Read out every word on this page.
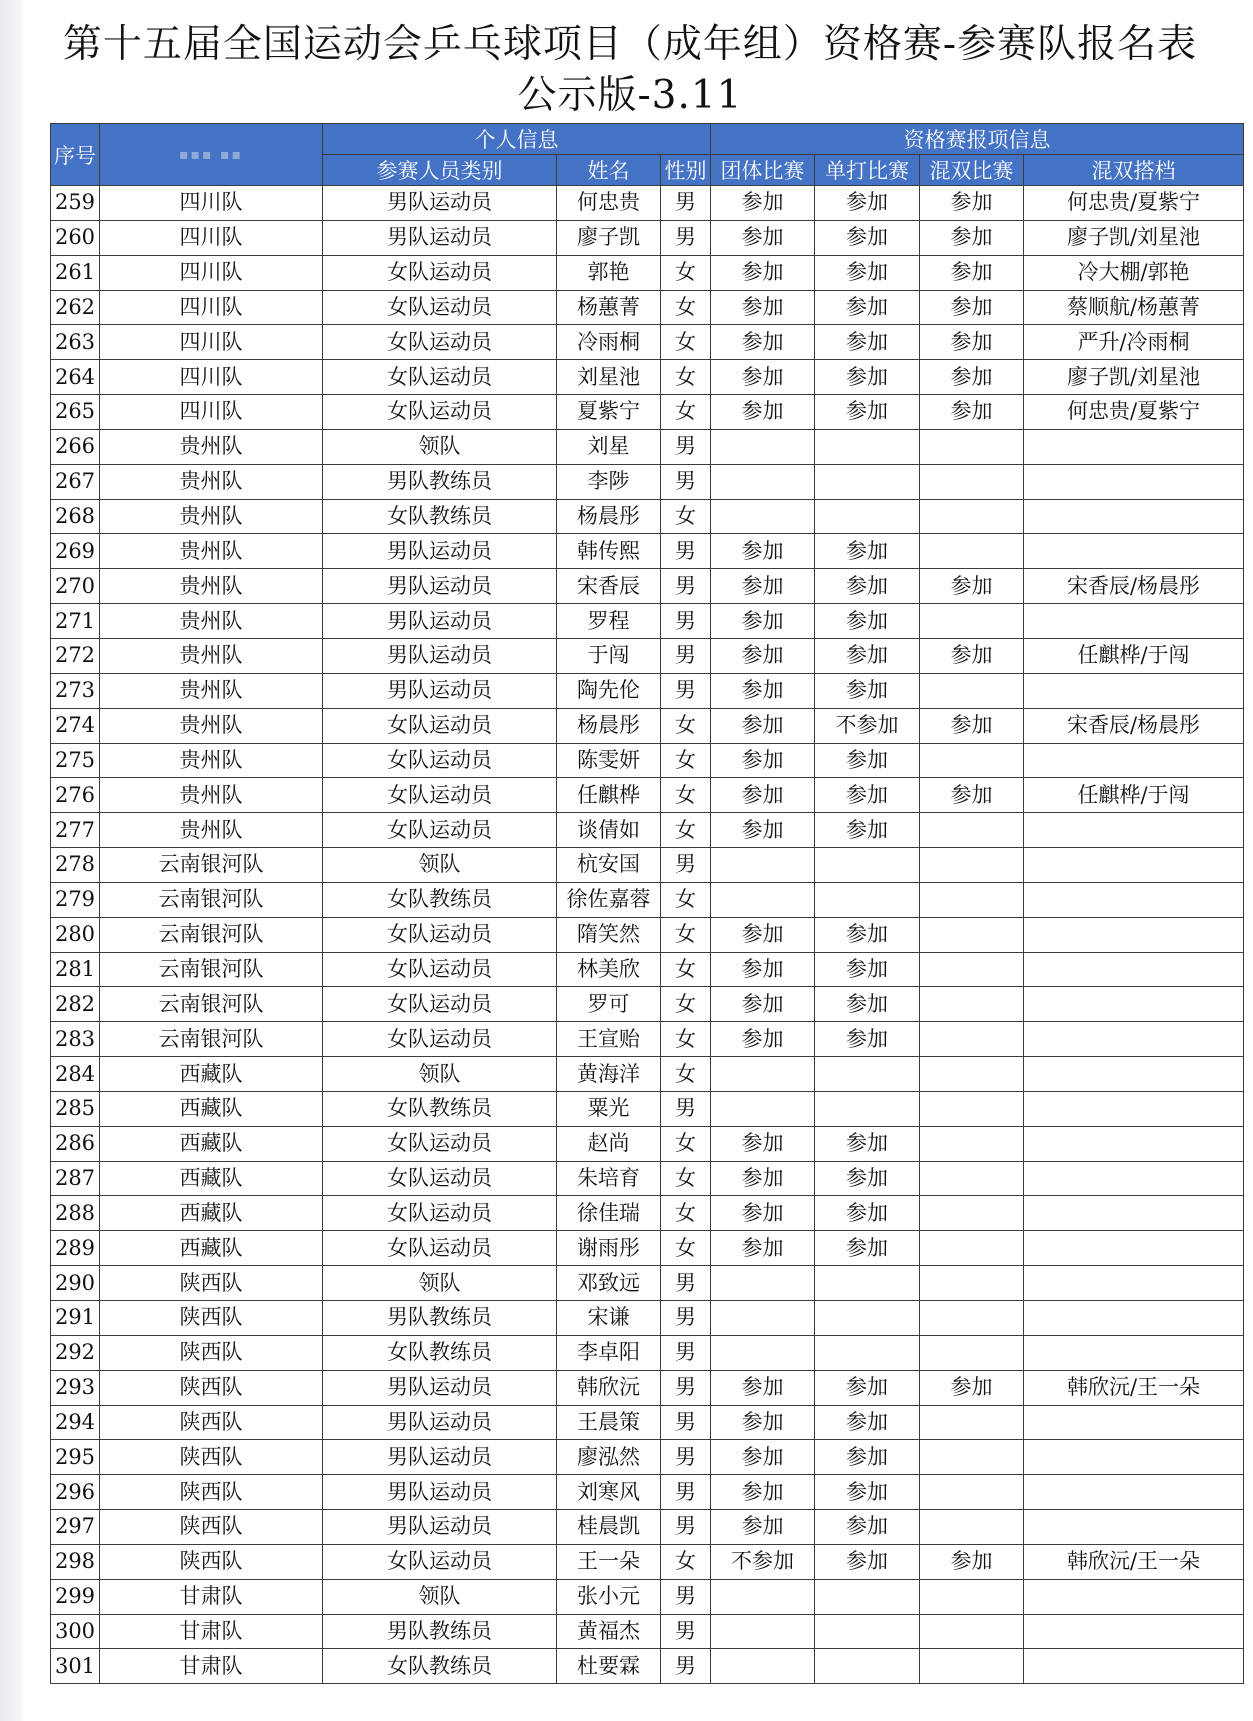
第十五届全国运动会乒乓球项目（成年组）资格赛-参赛队报名表
公示版-3.11
序号	▪▪▪ ▪▪	个人信息			资格赛报项信息			
		参赛人员类别	姓名	性别	团体比赛	单打比赛	混双比赛	混双搭档
259	四川队	男队运动员	何忠贵	男	参加	参加	参加	何忠贵/夏紫宁
260	四川队	男队运动员	廖子凯	男	参加	参加	参加	廖子凯/刘星池
261	四川队	女队运动员	郭艳	女	参加	参加	参加	冷大棚/郭艳
262	四川队	女队运动员	杨蕙菁	女	参加	参加	参加	蔡顺航/杨蕙菁
263	四川队	女队运动员	冷雨桐	女	参加	参加	参加	严升/冷雨桐
264	四川队	女队运动员	刘星池	女	参加	参加	参加	廖子凯/刘星池
265	四川队	女队运动员	夏紫宁	女	参加	参加	参加	何忠贵/夏紫宁
266	贵州队	领队	刘星	男				
267	贵州队	男队教练员	李陟	男				
268	贵州队	女队教练员	杨晨彤	女				
269	贵州队	男队运动员	韩传熙	男	参加	参加		
270	贵州队	男队运动员	宋香辰	男	参加	参加	参加	宋香辰/杨晨彤
271	贵州队	男队运动员	罗程	男	参加	参加		
272	贵州队	男队运动员	于闯	男	参加	参加	参加	任麒桦/于闯
273	贵州队	男队运动员	陶先伦	男	参加	参加		
274	贵州队	女队运动员	杨晨彤	女	参加	不参加	参加	宋香辰/杨晨彤
275	贵州队	女队运动员	陈雯妍	女	参加	参加		
276	贵州队	女队运动员	任麒桦	女	参加	参加	参加	任麒桦/于闯
277	贵州队	女队运动员	谈倩如	女	参加	参加		
278	云南银河队	领队	杭安国	男				
279	云南银河队	女队教练员	徐佐嘉蓉	女				
280	云南银河队	女队运动员	隋笑然	女	参加	参加		
281	云南银河队	女队运动员	林美欣	女	参加	参加		
282	云南银河队	女队运动员	罗可	女	参加	参加		
283	云南银河队	女队运动员	王宣贻	女	参加	参加		
284	西藏队	领队	黄海洋	女				
285	西藏队	女队教练员	粟光	男				
286	西藏队	女队运动员	赵尚	女	参加	参加		
287	西藏队	女队运动员	朱培育	女	参加	参加		
288	西藏队	女队运动员	徐佳瑞	女	参加	参加		
289	西藏队	女队运动员	谢雨彤	女	参加	参加		
290	陕西队	领队	邓致远	男				
291	陕西队	男队教练员	宋谦	男				
292	陕西队	女队教练员	李卓阳	男				
293	陕西队	男队运动员	韩欣沅	男	参加	参加	参加	韩欣沅/王一朵
294	陕西队	男队运动员	王晨策	男	参加	参加		
295	陕西队	男队运动员	廖泓然	男	参加	参加		
296	陕西队	男队运动员	刘寒风	男	参加	参加		
297	陕西队	男队运动员	桂晨凯	男	参加	参加		
298	陕西队	女队运动员	王一朵	女	不参加	参加	参加	韩欣沅/王一朵
299	甘肃队	领队	张小元	男				
300	甘肃队	男队教练员	黄福杰	男				
301	甘肃队	女队教练员	杜要霖	男				
